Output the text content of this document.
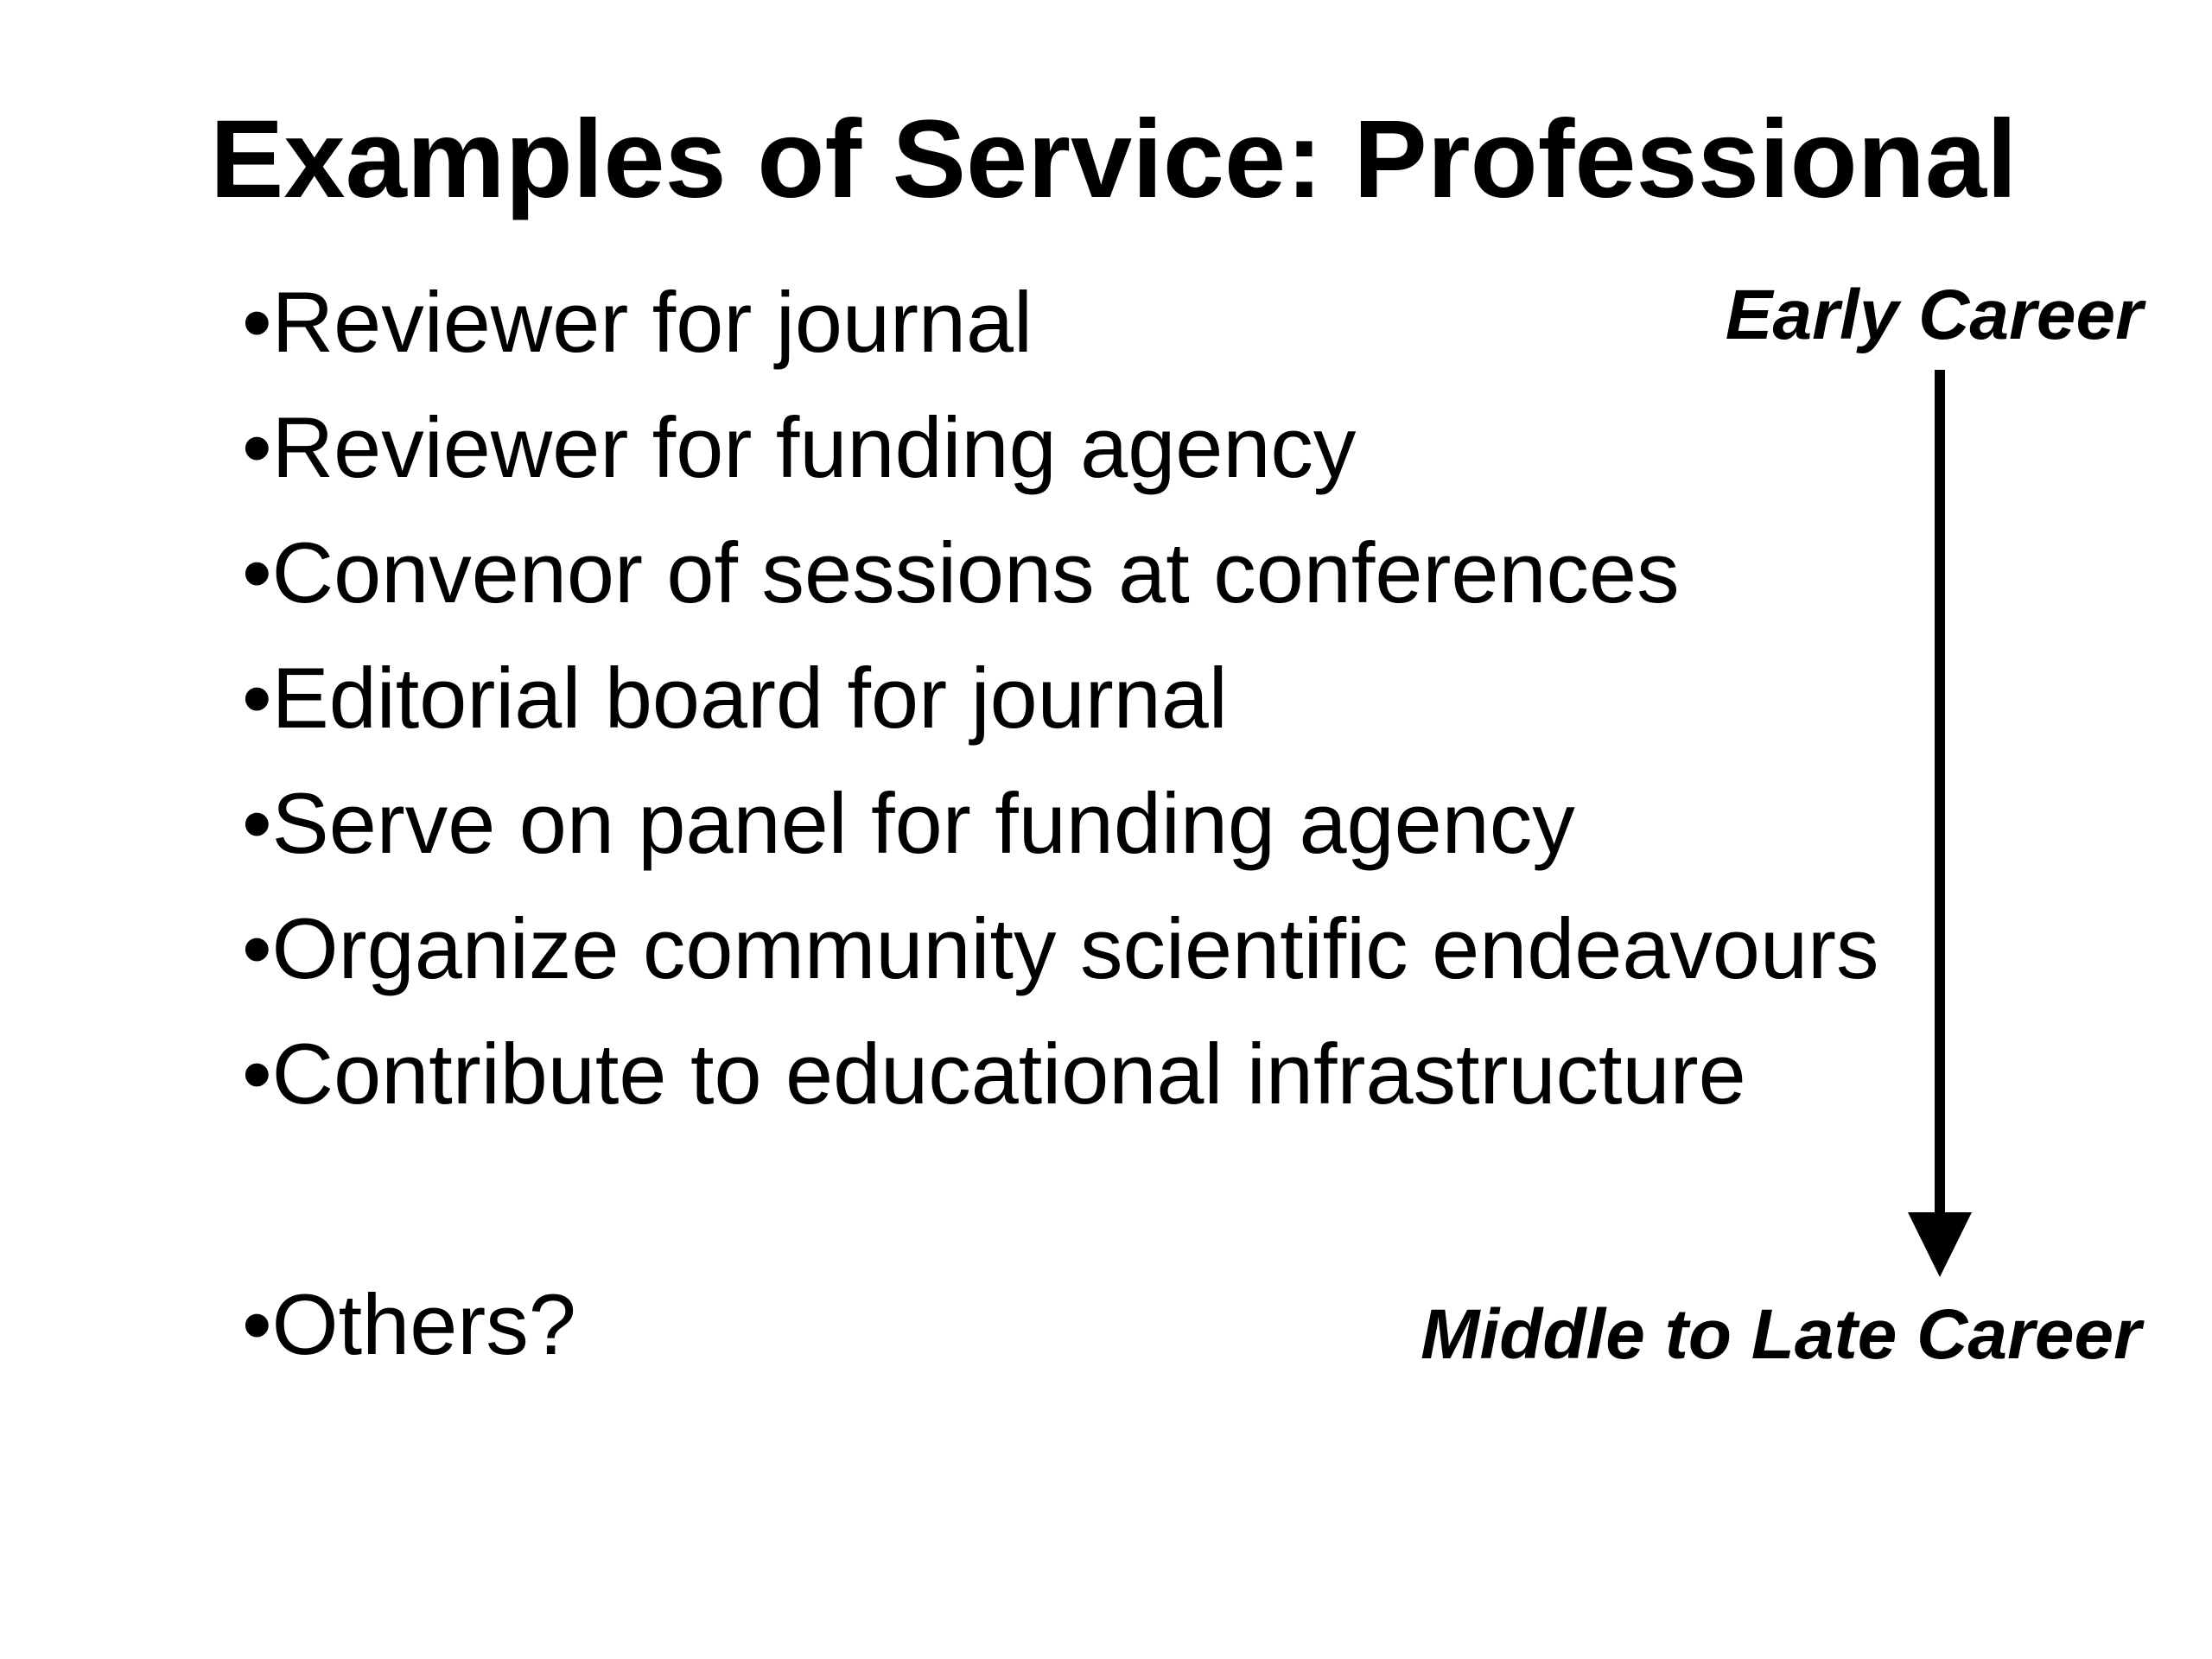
Examples of Service: Professional
•Reviewer for journal
•Reviewer for funding agency
•Convenor of sessions at conferences
•Editorial board for journal
•Serve on panel for funding agency
•Organize community scientific endeavours
•Contribute to educational infrastructure
•Others?
Early Career
Middle to Late Career
